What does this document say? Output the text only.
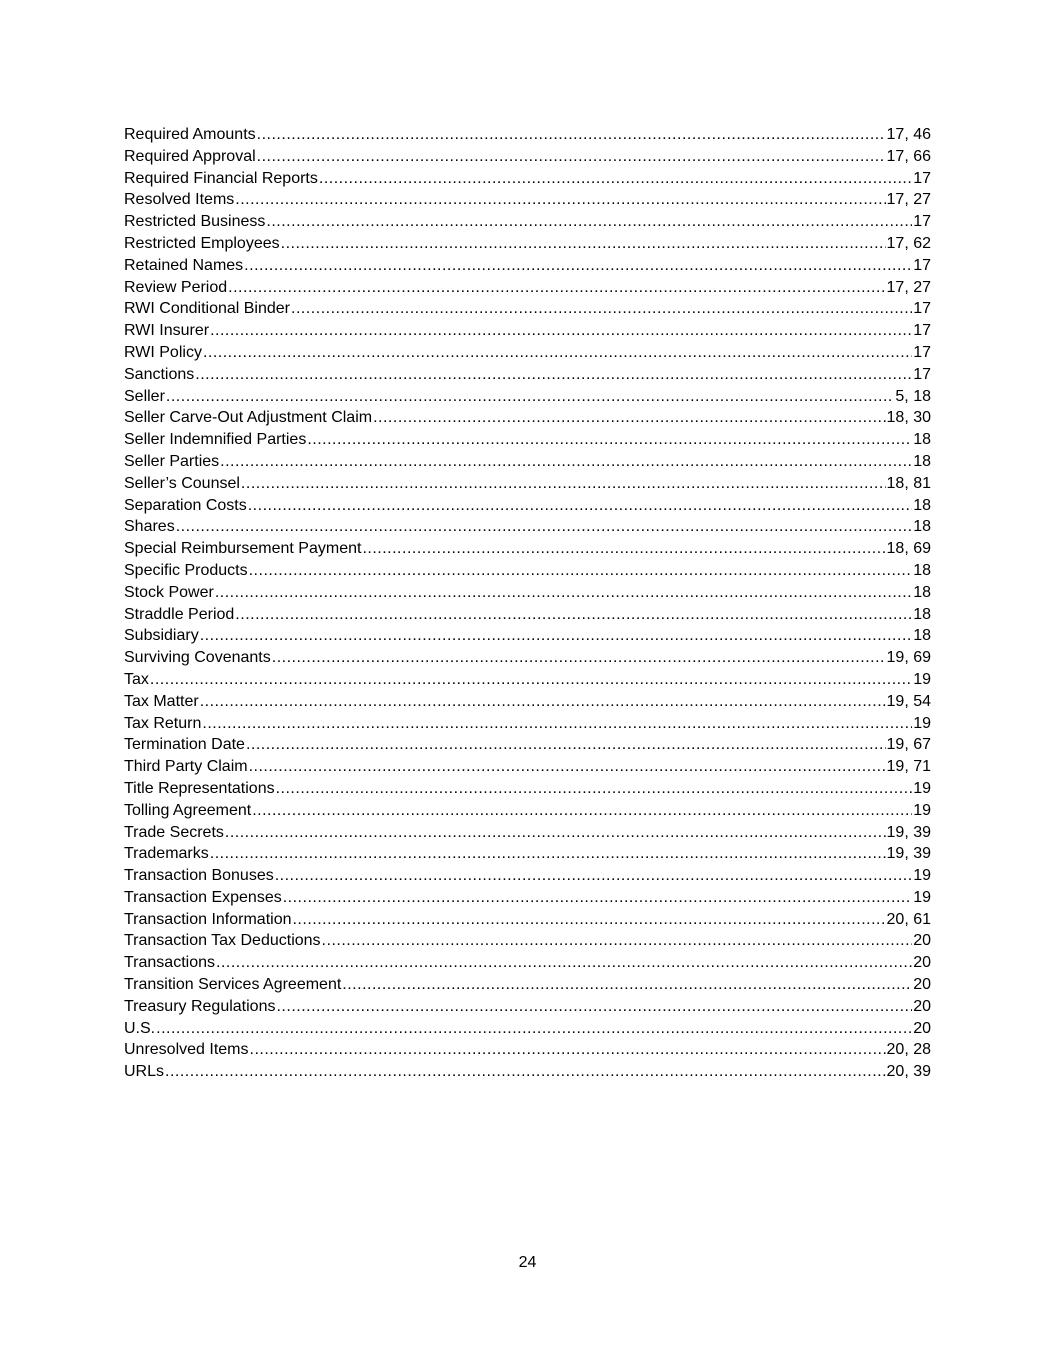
Required Amounts .....	17, 46
Required Approval .....	17, 66
Required Financial Reports .....	17
Resolved Items .....	17, 27
Restricted Business .....	17
Restricted Employees .....	17, 62
Retained Names .....	17
Review Period .....	17, 27
RWI Conditional Binder .....	17
RWI Insurer .....	17
RWI Policy .....	17
Sanctions .....	17
Seller .....	5, 18
Seller Carve-Out Adjustment Claim .....	18, 30
Seller Indemnified Parties .....	18
Seller Parties .....	18
Seller’s Counsel .....	18, 81
Separation Costs .....	18
Shares .....	18
Special Reimbursement Payment .....	18, 69
Specific Products .....	18
Stock Power .....	18
Straddle Period .....	18
Subsidiary .....	18
Surviving Covenants .....	19, 69
Tax .....	19
Tax Matter .....	19, 54
Tax Return .....	19
Termination Date .....	19, 67
Third Party Claim .....	19, 71
Title Representations .....	19
Tolling Agreement .....	19
Trade Secrets .....	19, 39
Trademarks .....	19, 39
Transaction Bonuses .....	19
Transaction Expenses .....	19
Transaction Information .....	20, 61
Transaction Tax Deductions .....	20
Transactions .....	20
Transition Services Agreement .....	20
Treasury Regulations .....	20
U.S. .....	20
Unresolved Items .....	20, 28
URLs .....	20, 39
24
